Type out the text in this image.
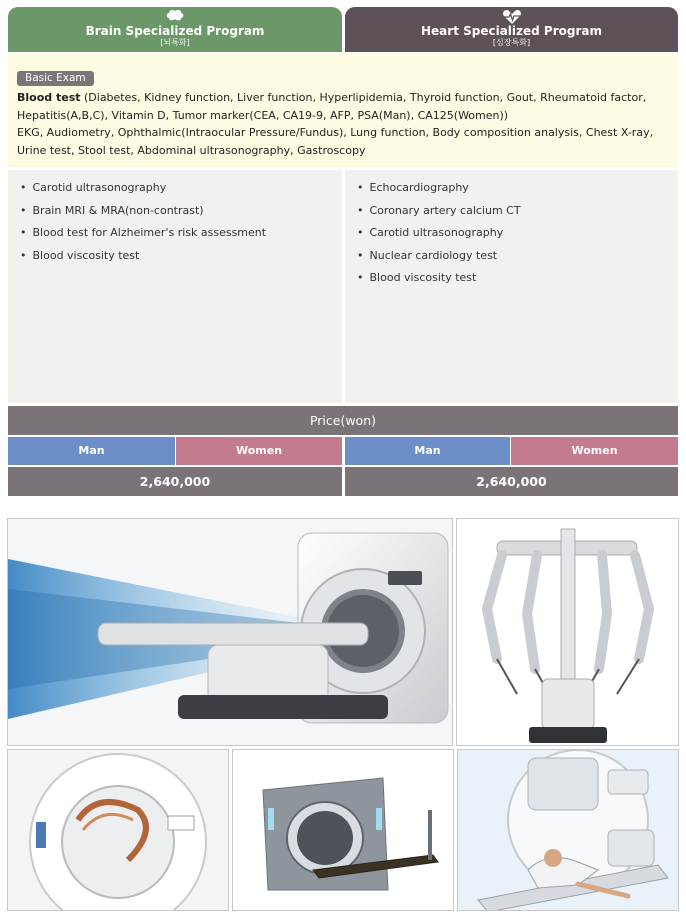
Brain Specialized Program
[뇌특화]
Heart Specialized Program
[심장특화]
Basic Exam
Blood test (Diabetes, Kidney function, Liver function, Hyperlipidemia, Thyroid function, Gout, Rheumatoid factor, Hepatitis(A,B,C), Vitamin D, Tumor marker(CEA, CA19-9, AFP, PSA(Man), CA125(Women))
EKG, Audiometry, Ophthalmic(Intraocular Pressure/Fundus), Lung function, Body composition analysis, Chest X-ray, Urine test, Stool test, Abdominal ultrasonography, Gastroscopy
• Carotid ultrasonography
• Brain MRI & MRA(non-contrast)
• Blood test for Alzheimer's risk assessment
• Blood viscosity test
• Echocardiography
• Coronary artery calcium CT
• Carotid ultrasonography
• Nuclear cardiology test
• Blood viscosity test
Price(won)
Man	Women	Man	Women
2,640,000	2,640,000
